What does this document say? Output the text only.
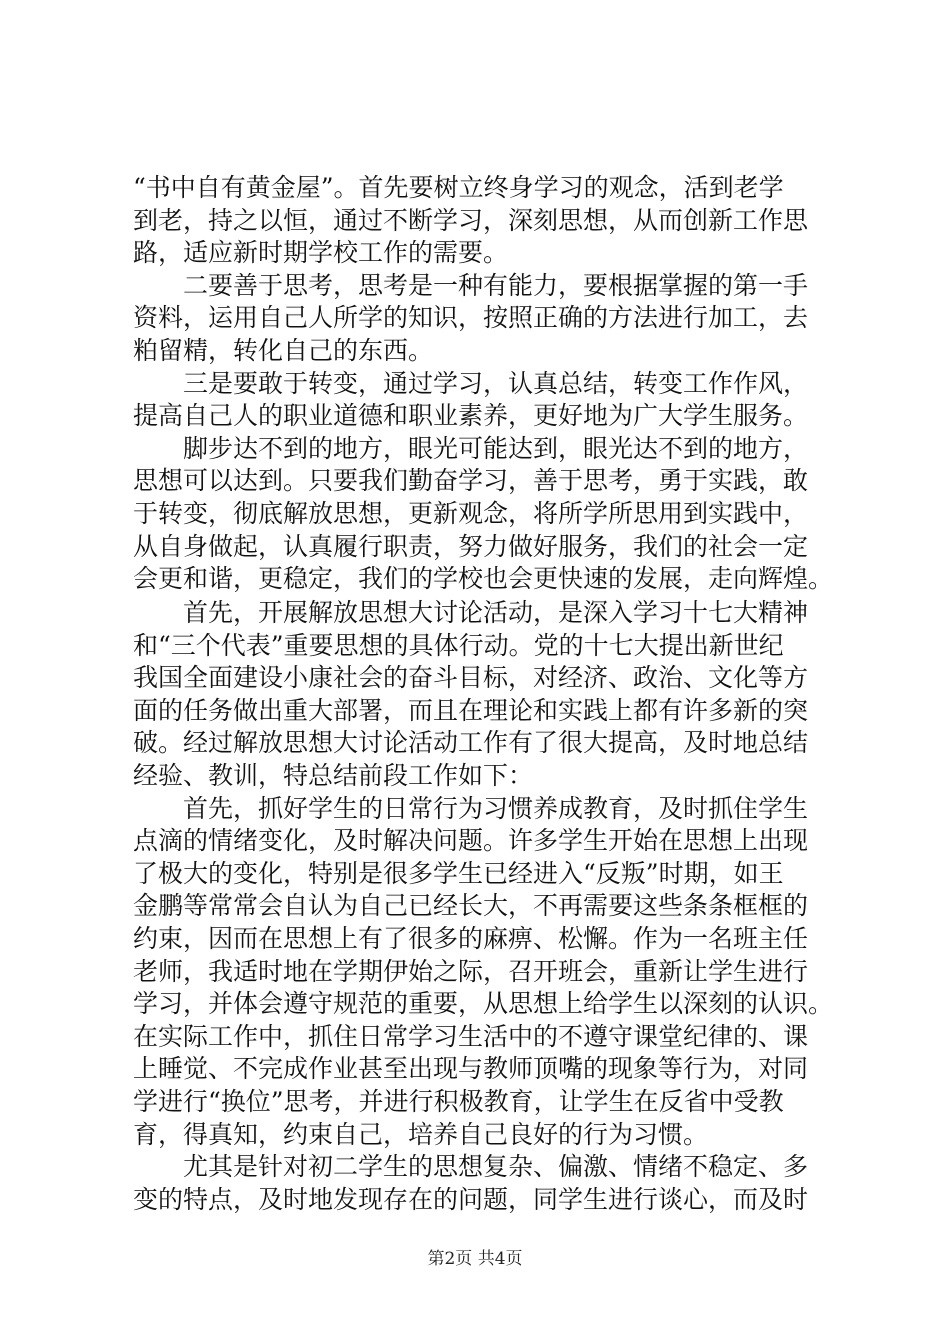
“书中自有黄金屋”。首先要树立终身学习的观念，活到老学
到老，持之以恒，通过不断学习，深刻思想，从而创新工作思
路，适应新时期学校工作的需要。
二要善于思考，思考是一种有能力，要根据掌握的第一手
资料，运用自己人所学的知识，按照正确的方法进行加工，去
粕留精，转化自己的东西。
三是要敢于转变，通过学习，认真总结，转变工作作风，
提高自己人的职业道德和职业素养，更好地为广大学生服务。
脚步达不到的地方，眼光可能达到，眼光达不到的地方，
思想可以达到。只要我们勤奋学习，善于思考，勇于实践，敢
于转变，彻底解放思想，更新观念，将所学所思用到实践中，
从自身做起，认真履行职责，努力做好服务，我们的社会一定
会更和谐，更稳定，我们的学校也会更快速的发展，走向辉煌。
首先，开展解放思想大讨论活动，是深入学习十七大精神
和“三个代表”重要思想的具体行动。党的十七大提出新世纪
我国全面建设小康社会的奋斗目标，对经济、政治、文化等方
面的任务做出重大部署，而且在理论和实践上都有许多新的突
破。经过解放思想大讨论活动工作有了很大提高，及时地总结
经验、教训，特总结前段工作如下：
首先，抓好学生的日常行为习惯养成教育，及时抓住学生
点滴的情绪变化，及时解决问题。许多学生开始在思想上出现
了极大的变化，特别是很多学生已经进入“反叛”时期，如王
金鹏等常常会自认为自己已经长大，不再需要这些条条框框的
约束，因而在思想上有了很多的麻痹、松懈。作为一名班主任
老师，我适时地在学期伊始之际，召开班会，重新让学生进行
学习，并体会遵守规范的重要，从思想上给学生以深刻的认识。
在实际工作中，抓住日常学习生活中的不遵守课堂纪律的、课
上睡觉、不完成作业甚至出现与教师顶嘴的现象等行为，对同
学进行“换位”思考，并进行积极教育，让学生在反省中受教
育，得真知，约束自己，培养自己良好的行为习惯。
尤其是针对初二学生的思想复杂、偏激、情绪不稳定、多
变的特点，及时地发现存在的问题，同学生进行谈心，而及时
第2页 共4页
